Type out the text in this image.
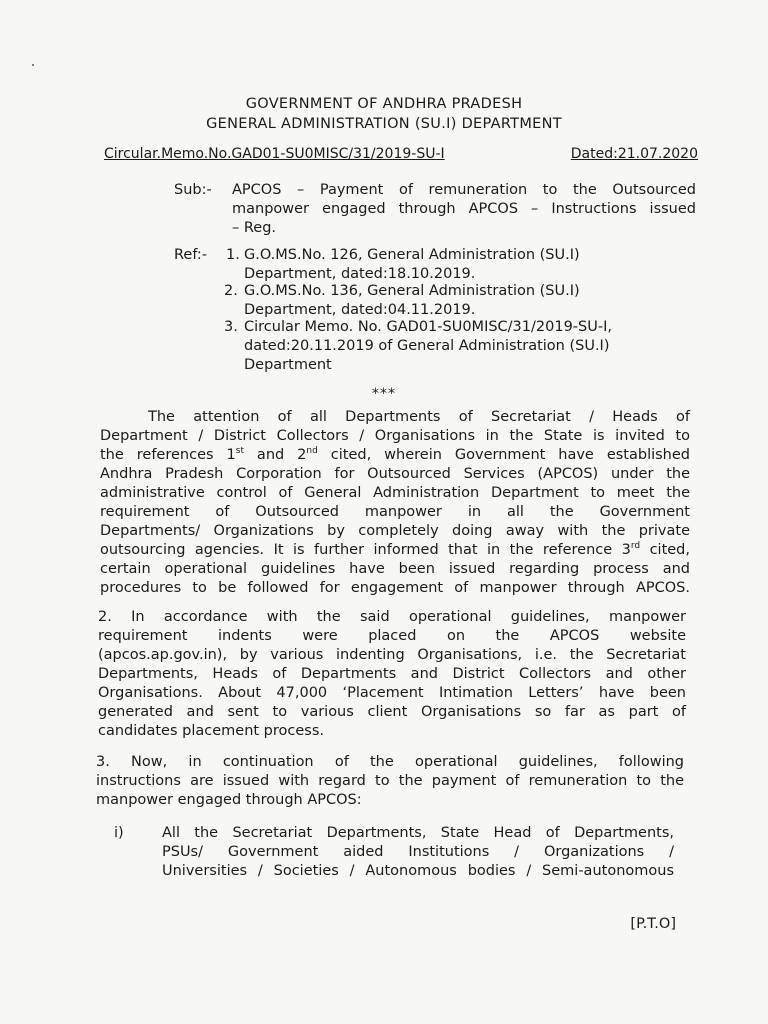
GOVERNMENT OF ANDHRA PRADESH
GENERAL ADMINISTRATION (SU.I) DEPARTMENT
Circular.Memo.No.GAD01-SU0MISC/31/2019-SU-I	Dated:21.07.2020
Sub:- APCOS – Payment of remuneration to the Outsourced
manpower engaged through APCOS – Instructions issued
– Reg.
Ref:- 1. G.O.MS.No. 126, General Administration (SU.I)
Department, dated:18.10.2019.
2. G.O.MS.No. 136, General Administration (SU.I)
Department, dated:04.11.2019.
3. Circular Memo. No. GAD01-SU0MISC/31/2019-SU-I,
dated:20.11.2019 of General Administration (SU.I)
Department
***
The attention of all Departments of Secretariat / Heads of
Department / District Collectors / Organisations in the State is invited to
the references 1st and 2nd cited, wherein Government have established
Andhra Pradesh Corporation for Outsourced Services (APCOS) under the
administrative control of General Administration Department to meet the
requirement of Outsourced manpower in all the Government
Departments/ Organizations by completely doing away with the private
outsourcing agencies. It is further informed that in the reference 3rd cited,
certain operational guidelines have been issued regarding process and
procedures to be followed for engagement of manpower through APCOS.
2. In accordance with the said operational guidelines, manpower
requirement indents were placed on the APCOS website
(apcos.ap.gov.in), by various indenting Organisations, i.e. the Secretariat
Departments, Heads of Departments and District Collectors and other
Organisations. About 47,000 ‘Placement Intimation Letters’ have been
generated and sent to various client Organisations so far as part of
candidates placement process.
3. Now, in continuation of the operational guidelines, following
instructions are issued with regard to the payment of remuneration to the
manpower engaged through APCOS:
i)	All the Secretariat Departments, State Head of Departments,
PSUs/ Government aided Institutions / Organizations /
Universities / Societies / Autonomous bodies / Semi-autonomous
[P.T.O]
